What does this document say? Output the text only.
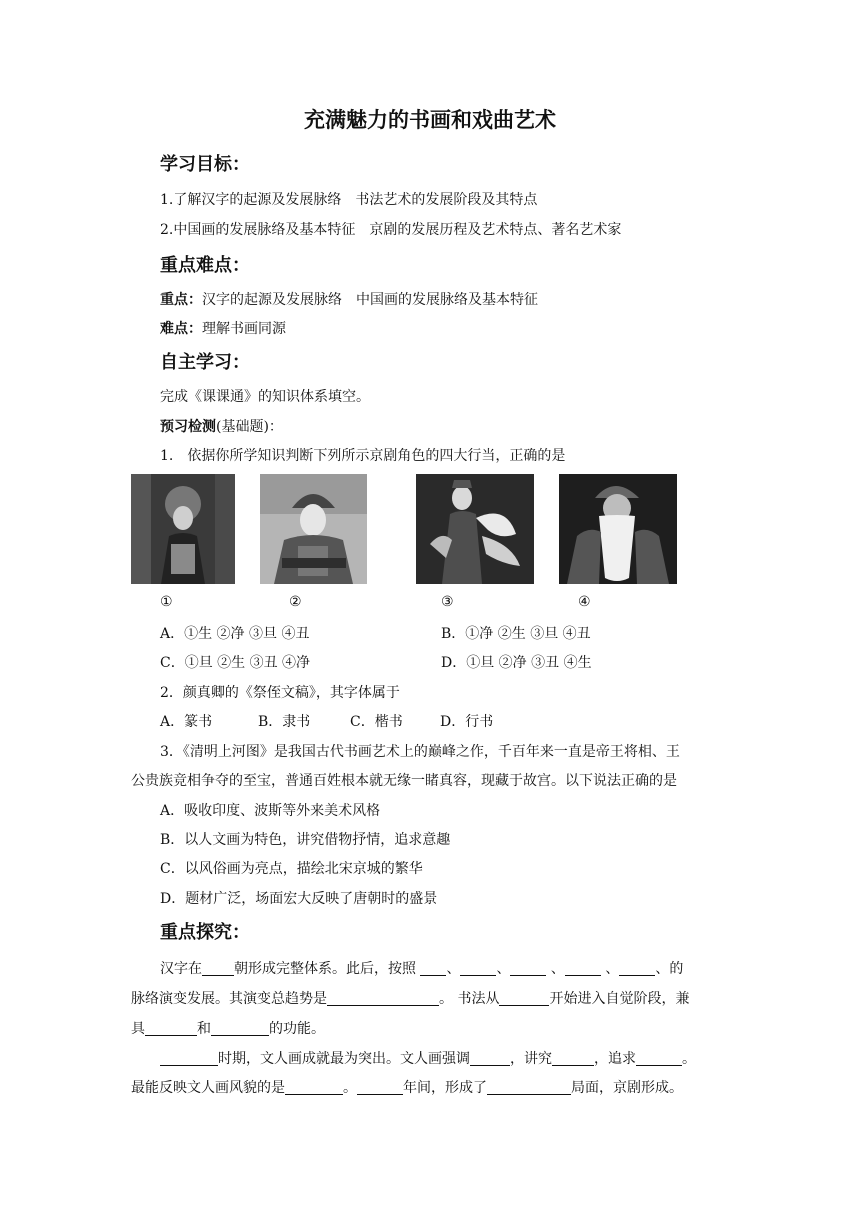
充满魅力的书画和戏曲艺术
学习目标：
1.了解汉字的起源及发展脉络　书法艺术的发展阶段及其特点
2.中国画的发展脉络及基本特征　京剧的发展历程及艺术特点、著名艺术家
重点难点：
重点：汉字的起源及发展脉络　中国画的发展脉络及基本特征
难点：理解书画同源
自主学习：
完成《课课通》的知识体系填空。
预习检测(基础题)：
1.　依据你所学知识判断下列所示京剧角色的四大行当，正确的是
①	②	③	④
A．①生 ②净 ③旦 ④丑	B．①净 ②生 ③旦 ④丑
C．①旦 ②生 ③丑 ④净	D．①旦 ②净 ③丑 ④生
2．颜真卿的《祭侄文稿》，其字体属于
A．篆书	B．隶书	C．楷书	D．行书
3．《清明上河图》是我国古代书画艺术上的巅峰之作，千百年来一直是帝王将相、王
公贵族竞相争夺的至宝，普通百姓根本就无缘一睹真容，现藏于故宫。以下说法正确的是
A．吸收印度、波斯等外来美术风格
B．以人文画为特色，讲究借物抒情，追求意趣
C．以风俗画为亮点，描绘北宋京城的繁华
D．题材广泛，场面宏大反映了唐朝时的盛景
重点探究：
汉字在 朝形成完整体系。此后，按照 、	、	、	、	、的
脉络演变发展。其演变总趋势是	。 书法从	开始进入自觉阶段，兼
具	和	的功能。
时期，文人画成就最为突出。文人画强调	，讲究	，追求	。
最能反映文人画风貌的是	。	年间，形成了	局面，京剧形成。
